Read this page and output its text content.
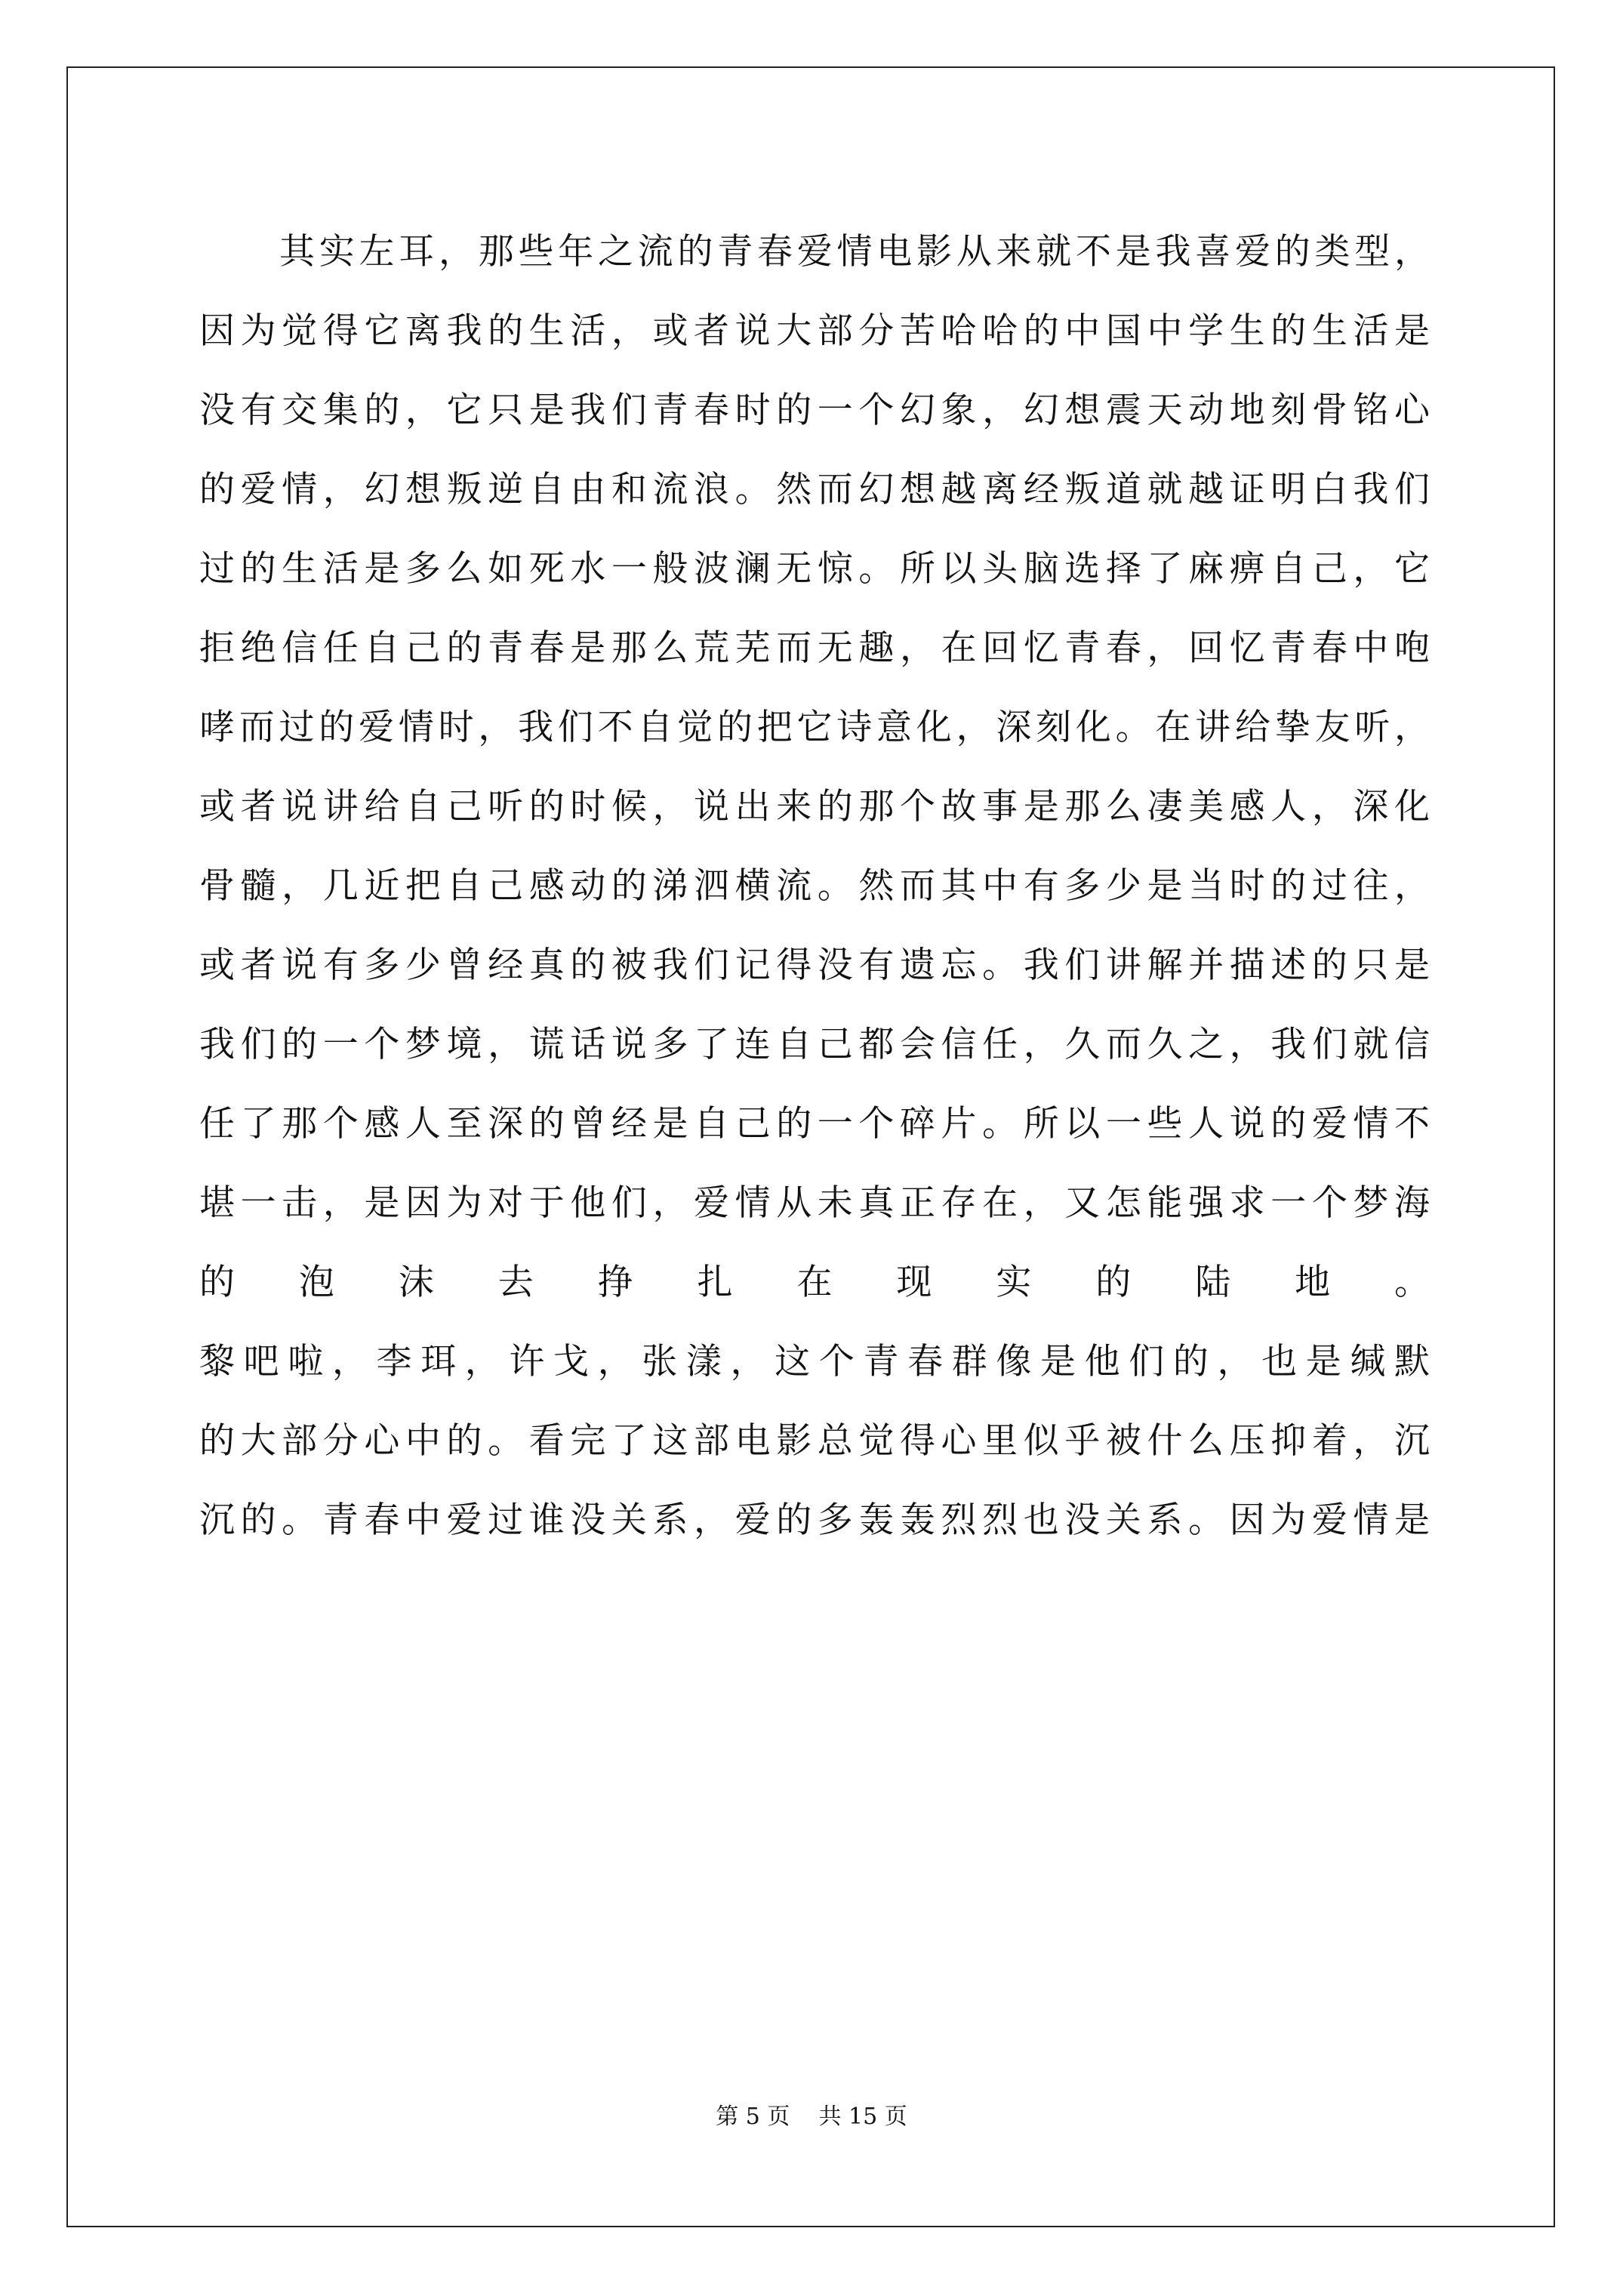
其实左耳，那些年之流的青春爱情电影从来就不是我喜爱的类型，
因为觉得它离我的生活，或者说大部分苦哈哈的中国中学生的生活是
没有交集的，它只是我们青春时的一个幻象，幻想震天动地刻骨铭心
的爱情，幻想叛逆自由和流浪。然而幻想越离经叛道就越证明白我们
过的生活是多么如死水一般波澜无惊。所以头脑选择了麻痹自己，它
拒绝信任自己的青春是那么荒芜而无趣，在回忆青春，回忆青春中咆
哮而过的爱情时，我们不自觉的把它诗意化，深刻化。在讲给挚友听，
或者说讲给自己听的时候，说出来的那个故事是那么凄美感人，深化
骨髓，几近把自己感动的涕泗横流。然而其中有多少是当时的过往，
或者说有多少曾经真的被我们记得没有遗忘。我们讲解并描述的只是
我们的一个梦境，谎话说多了连自己都会信任，久而久之，我们就信
任了那个感人至深的曾经是自己的一个碎片。所以一些人说的爱情不
堪一击，是因为对于他们，爱情从未真正存在，又怎能强求一个梦海
的泡沫去挣扎在现实的陆地。
黎吧啦，李珥，许戈，张漾，这个青春群像是他们的，也是缄默
的大部分心中的。看完了这部电影总觉得心里似乎被什么压抑着，沉
沉的。青春中爱过谁没关系，爱的多轰轰烈烈也没关系。因为爱情是
第 5 页    共 15 页
